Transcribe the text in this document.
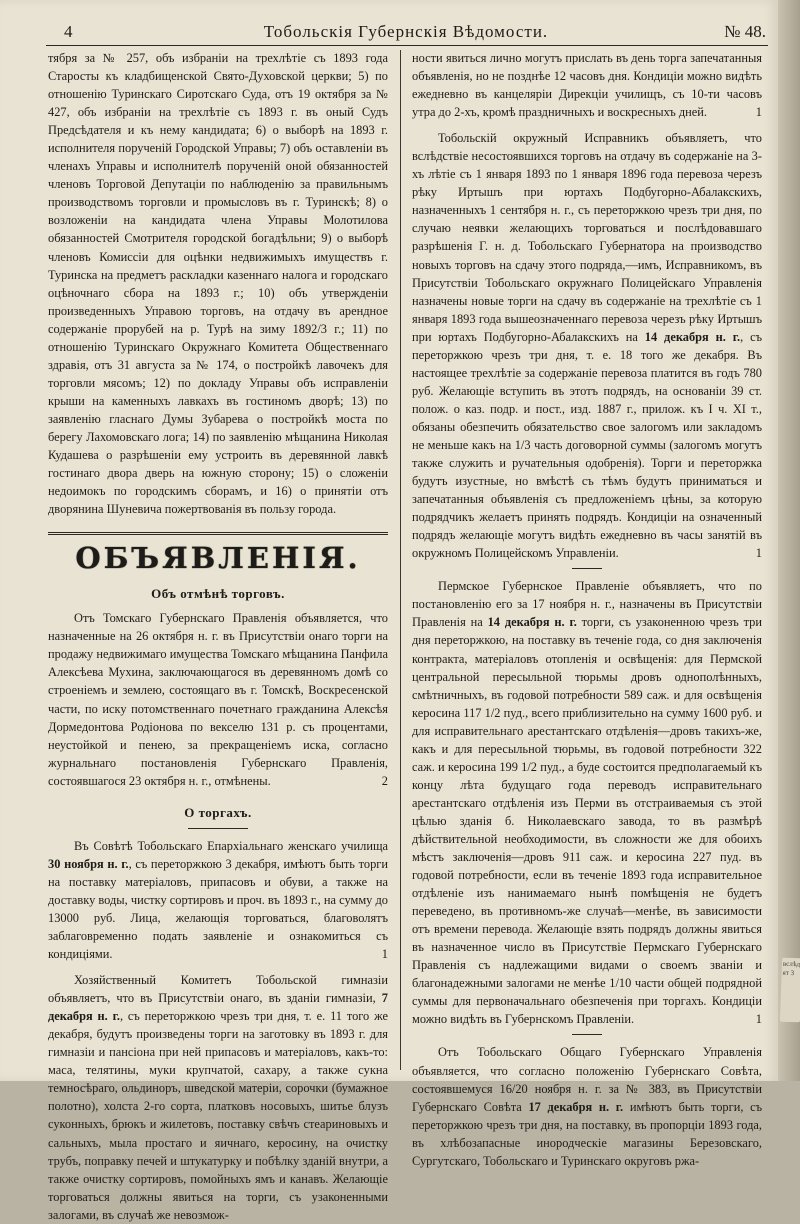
4	Тобольскія Губернскія Вѣдомости.	№ 48.

тября за № 257, объ избраніи на трехлѣтіе съ 1893 года Старосты къ кладбищенской Свято-Духовской церкви; 5) по отношенію Туринскаго Сиротскаго Суда, отъ 19 октября за № 427, объ избраніи на трехлѣтіе съ 1893 г. въ оный Судъ Предсѣдателя и къ нему кандидата; 6) о выборѣ на 1893 г. исполнителя порученій Городской Управы; 7) объ оставленіи въ членахъ Управы и исполнителѣ порученій оной обязанностей членовъ Торговой Депутаціи по наблюденію за правильнымъ производствомъ торговли и промысловъ въ г. Туринскѣ; 8) о возложеніи на кандидата члена Управы Молотилова обязанностей Смотрителя городской богадѣльни; 9) о выборѣ членовъ Комиссіи для оцѣнки недвижимыхъ имуществъ г. Туринска на предметъ раскладки казеннаго налога и городскаго оцѣночнаго сбора на 1893 г.; 10) объ утвержденіи произведенныхъ Управою торговъ, на отдачу въ арендное содержаніе прорубей на р. Турѣ на зиму 1892/3 г.; 11) по отношенію Туринскаго Окружнаго Комитета Общественнаго здравія, отъ 31 августа за № 174, о постройкѣ лавочекъ для торговли мясомъ; 12) по докладу Управы объ исправленіи крыши на каменныхъ лавкахъ въ гостиномъ дворѣ; 13) по заявленію гласнаго Думы Зубарева о постройкѣ моста по берегу Лахомовскаго лога; 14) по заявленію мѣщанина Николая Кудашева о разрѣшеніи ему устроить въ деревянной лавкѣ гостинаго двора дверь на южную сторону; 15) о сложеніи недоимокъ по городскимъ сборамъ, и 16) о принятіи отъ дворянина Шуневича пожертвованія въ пользу города.

ОБЪЯВЛЕНІЯ.
Объ отмѣнѣ торговъ.

Отъ Томскаго Губернскаго Правленія объявляется, что назначенные на 26 октября н. г. въ Присутствіи онаго торги на продажу недвижимаго имущества Томскаго мѣщанина Панфила Алексѣева Мухина, заключающагося въ деревянномъ домѣ со строеніемъ и землею, состоящаго въ г. Томскѣ, Воскресенской части, по иску потомственнаго почетнаго гражданина Алексѣя Дормедонтова Родіонова по векселю 131 р. съ процентами, неустойкой и пенею, за прекращеніемъ иска, согласно журнальнаго постановленія Губернскаго Правленія, состоявшагося 23 октября н. г., отмѣнены.	2

О торгахъ.

Въ Совѣтѣ Тобольскаго Епархіальнаго женскаго училища 30 ноября н. г., съ переторжкою 3 декабря, имѣютъ быть торги на поставку матеріаловъ, припасовъ и обуви, а также на доставку воды, чистку сортировъ и проч. въ 1893 г., на сумму до 13000 руб. Лица, желающія торговаться, благоволятъ заблаговременно подать заявленіе и ознакомиться съ кондиціями.	1

Хозяйственный Комитетъ Тобольской гимназіи объявляетъ, что въ Присутствіи онаго, въ зданіи гимназіи, 7 декабря н. г., съ переторжкою чрезъ три дня, т. е. 11 того же декабря, будутъ произведены торги на заготовку въ 1893 г. для гимназіи и пансіона при ней припасовъ и матеріаловъ, какъ-то: маса, телятины, муки крупчатой, сахару, а также сукна темносѣраго, ольдиноръ, шведской матеріи, сорочки (бумажное полотно), холста 2-го сорта, платковъ носовыхъ, шитье блузъ суконныхъ, брюкъ и жилетовъ, поставку свѣчъ стеариновыхъ и сальныхъ, мыла простаго и яичнаго, керосину, на очистку трубъ, поправку печей и штукатурку и побѣлку зданій внутри, а также очистку сортировъ, помойныхъ ямъ и канавъ. Желающіе торговаться должны явиться на торги, съ узаконенными залогами, въ случаѣ же невозмож-

ности явиться лично могутъ прислать въ день торга запечатанныя объявленія, но не позднѣе 12 часовъ дня. Кондиціи можно видѣть ежедневно въ канцеляріи Дирекціи училищъ, съ 10-ти часовъ утра до 2-хъ, кромѣ праздничныхъ и воскресныхъ дней.	1

Тобольскій окружный Исправникъ объявляетъ, что вслѣдствіе несостоявшихся торговъ на отдачу въ содержаніе на 3-хъ лѣтіе съ 1 января 1893 по 1 января 1896 года перевоза черезъ рѣку Иртышъ при юртахъ Подбугорно-Абалакскихъ, назначенныхъ 1 сентября н. г., съ переторжкою чрезъ три дня, по случаю неявки желающихъ торговаться и послѣдовавшаго разрѣшенія Г. н. д. Тобольскаго Губернатора на производство новыхъ торговъ на сдачу этого подряда,—имъ, Исправникомъ, въ Присутствіи Тобольскаго окружнаго Полицейскаго Управленія назначены новые торги на сдачу въ содержаніе на трехлѣтіе съ 1 января 1893 года вышеозначеннаго перевоза черезъ рѣку Иртышъ при юртахъ Подбугорно-Абалакскихъ на 14 декабря н. г., съ переторжкою чрезъ три дня, т. е. 18 того же декабря. Въ настоящее трехлѣтіе за содержаніе перевоза платится въ годъ 780 руб. Желающіе вступить въ этотъ подрядъ, на основаніи 39 ст. полож. о каз. подр. и пост., изд. 1887 г., прилож. къ I ч. XI т., обязаны обезпечить обязательство свое залогомъ или закладомъ не меньше какъ на 1/3 часть договорной суммы (залогомъ могутъ также служить и ручательныя одобренія). Торги и переторжка будутъ изустные, но вмѣстѣ съ тѣмъ будутъ приниматься и запечатанныя объявленія съ предложеніемъ цѣны, за которую подрядчикъ желаетъ принять подрядъ. Кондиціи на означенный подрядъ желающіе могутъ видѣть ежедневно въ часы занятій въ окружномъ Полицейскомъ Управленіи.	1

Пермское Губернское Правленіе объявляетъ, что по постановленію его за 17 ноября н. г., назначены въ Присутствіи Правленія на 14 декабря н. г. торги, съ узаконенною чрезъ три дня переторжкою, на поставку въ теченіе года, со дня заключенія контракта, матеріаловъ отопленія и освѣщенія: для Пермской центральной пересыльной тюрьмы дровъ однополѣнныхъ, смѣтничныхъ, въ годовой потребности 589 саж. и для освѣщенія керосина 117 1/2 пуд., всего приблизительно на сумму 1600 руб. и для исправительнаго арестантскаго отдѣленія—дровъ такихъ-же, какъ и для пересыльной тюрьмы, въ годовой потребности 322 саж. и керосина 199 1/2 пуд., а буде состоится предполагаемый къ концу лѣта будущаго года переводъ исправительнаго арестантскаго отдѣленія изъ Перми въ отстраиваемыя съ этой цѣлью зданія б. Николаевскаго завода, то въ размѣрѣ дѣйствительной необходимости, въ сложности же для обоихъ мѣстъ заключенія—дровъ 911 саж. и керосина 227 пуд. въ годовой потребности, если въ теченіе 1893 года исправительное отдѣленіе изъ нанимаемаго нынѣ помѣщенія не будетъ переведено, въ противномъ-же случаѣ—менѣе, въ зависимости отъ времени перевода. Желающіе взять подрядъ должны явиться въ назначенное число въ Присутствіе Пермскаго Губернскаго Правленія съ надлежащими видами о своемъ званіи и благонадежными залогами не менѣе 1/10 части общей подрядной суммы для первоначальнаго обезпеченія при торгахъ. Кондиціи можно видѣть въ Губернскомъ Правленіи.	1

Отъ Тобольскаго Общаго Губернскаго Управленія объявляется, что согласно положенію Губернскаго Совѣта, состоявшемуся 16/20 ноября н. г. за № 383, въ Присутствіи Губернскаго Совѣта 17 декабря н. г. имѣютъ быть торги, съ переторжкою чрезъ три дня, на поставку, въ пропорціи 1893 года, въ хлѣбозапасные инородческіе магазины Березовскаго, Сургутскаго, Тобольскаго и Туринскаго округовъ ржа-

вслѣд ят 3
